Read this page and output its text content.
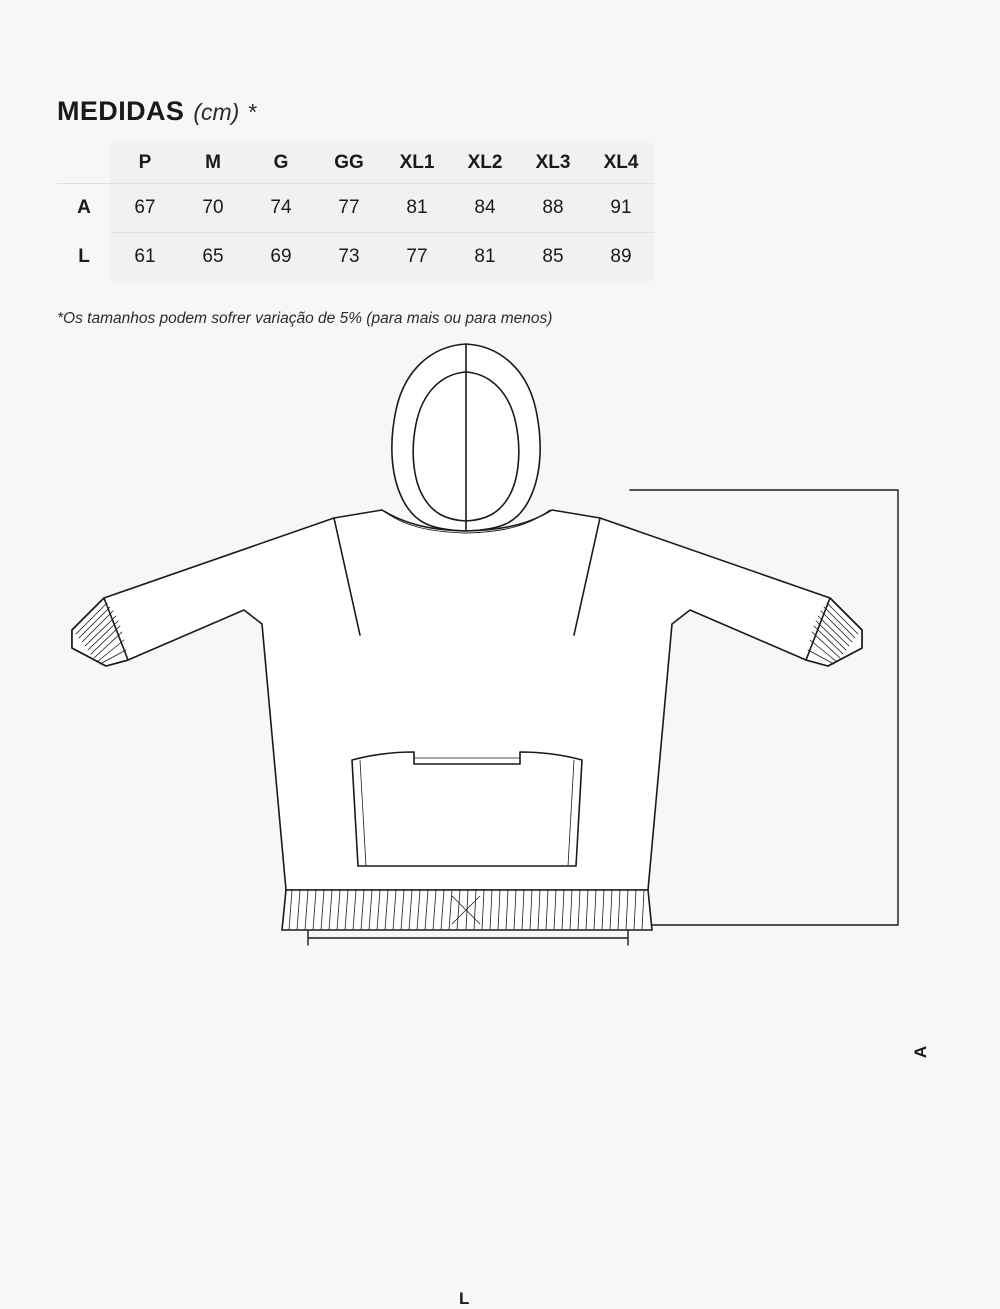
MEDIDAS (cm) *
	P	M	G	GG	XL1	XL2	XL3	XL4
A	67	70	74	77	81	84	88	91
L	61	65	69	73	77	81	85	89
*Os tamanhos podem sofrer variação de 5% (para mais ou para menos)
A
L
